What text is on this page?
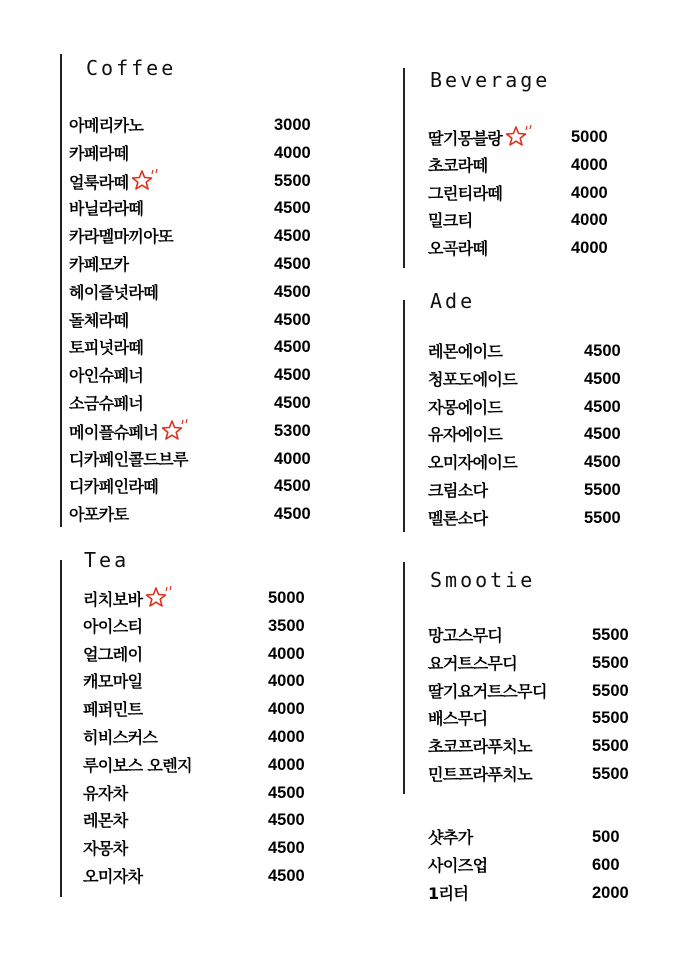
Coffee
Tea
Beverage
Ade
Smootie
아메리카노	3000
카페라떼	4000
얼룩라떼	5500
바닐라라떼	4500
카라멜마끼아또	4500
카페모카	4500
헤이즐넛라떼	4500
돌체라떼	4500
토피넛라떼	4500
아인슈페너	4500
소금슈페너	4500
메이플슈페너	5300
디카페인콜드브루	4000
디카페인라떼	4500
아포카토	4500
리치보바	5000
아이스티	3500
얼그레이	4000
캐모마일	4000
페퍼민트	4000
히비스커스	4000
루이보스 오렌지	4000
유자차	4500
레몬차	4500
자몽차	4500
오미자차	4500
딸기몽블랑	5000
초코라떼	4000
그린티라떼	4000
밀크티	4000
오곡라떼	4000
레몬에이드	4500
청포도에이드	4500
자몽에이드	4500
유자에이드	4500
오미자에이드	4500
크림소다	5500
멜론소다	5500
망고스무디	5500
요거트스무디	5500
딸기요거트스무디	5500
배스무디	5500
초코프라푸치노	5500
민트프라푸치노	5500
샷추가	500
사이즈업	600
1리터	2000
